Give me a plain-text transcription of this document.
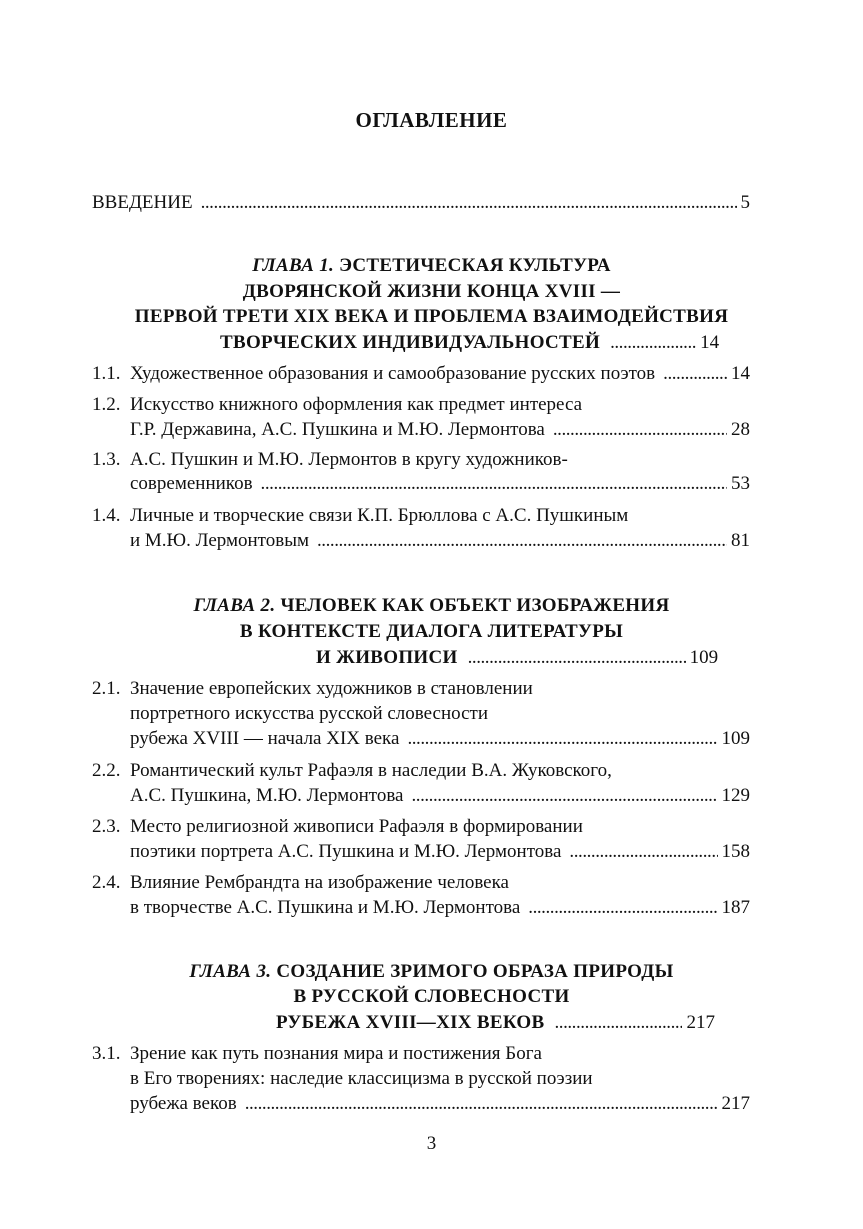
ОГЛАВЛЕНИЕ
ВВЕДЕНИЕ . . .	5
ГЛАВА 1. ЭСТЕТИЧЕСКАЯ КУЛЬТУРА
ДВОРЯНСКОЙ ЖИЗНИ КОНЦА XVIII —
ПЕРВОЙ ТРЕТИ XIX ВЕКА И ПРОБЛЕМА ВЗАИМОДЕЙСТВИЯ
ТВОРЧЕСКИХ ИНДИВИДУАЛЬНОСТЕЙ . . .	14
1.1. Художественное образования и самообразование русских поэтов . . .	14
1.2. Искусство книжного оформления как предмет интереса
Г.Р. Державина, А.С. Пушкина и М.Ю. Лермонтова . . .	28
1.3. А.С. Пушкин и М.Ю. Лермонтов в кругу художников-
современников . . .	53
1.4. Личные и творческие связи К.П. Брюллова с А.С. Пушкиным
и М.Ю. Лермонтовым . . .	81
ГЛАВА 2. ЧЕЛОВЕК КАК ОБЪЕКТ ИЗОБРАЖЕНИЯ
В КОНТЕКСТЕ ДИАЛОГА ЛИТЕРАТУРЫ
И ЖИВОПИСИ . . .	109
2.1. Значение европейских художников в становлении
портретного искусства русской словесности
рубежа XVIII — начала XIX века . . .	109
2.2. Романтический культ Рафаэля в наследии В.А. Жуковского,
А.С. Пушкина, М.Ю. Лермонтова . . .	129
2.3. Место религиозной живописи Рафаэля в формировании
поэтики портрета А.С. Пушкина и М.Ю. Лермонтова . . .	158
2.4. Влияние Рембрандта на изображение человека
в творчестве А.С. Пушкина и М.Ю. Лермонтова . . .	187
ГЛАВА 3. СОЗДАНИЕ ЗРИМОГО ОБРАЗА ПРИРОДЫ
В РУССКОЙ СЛОВЕСНОСТИ
РУБЕЖА XVIII—XIX ВЕКОВ . . .	217
3.1. Зрение как путь познания мира и постижения Бога
в Его творениях: наследие классицизма в русской поэзии
рубежа веков . . .	217
3
